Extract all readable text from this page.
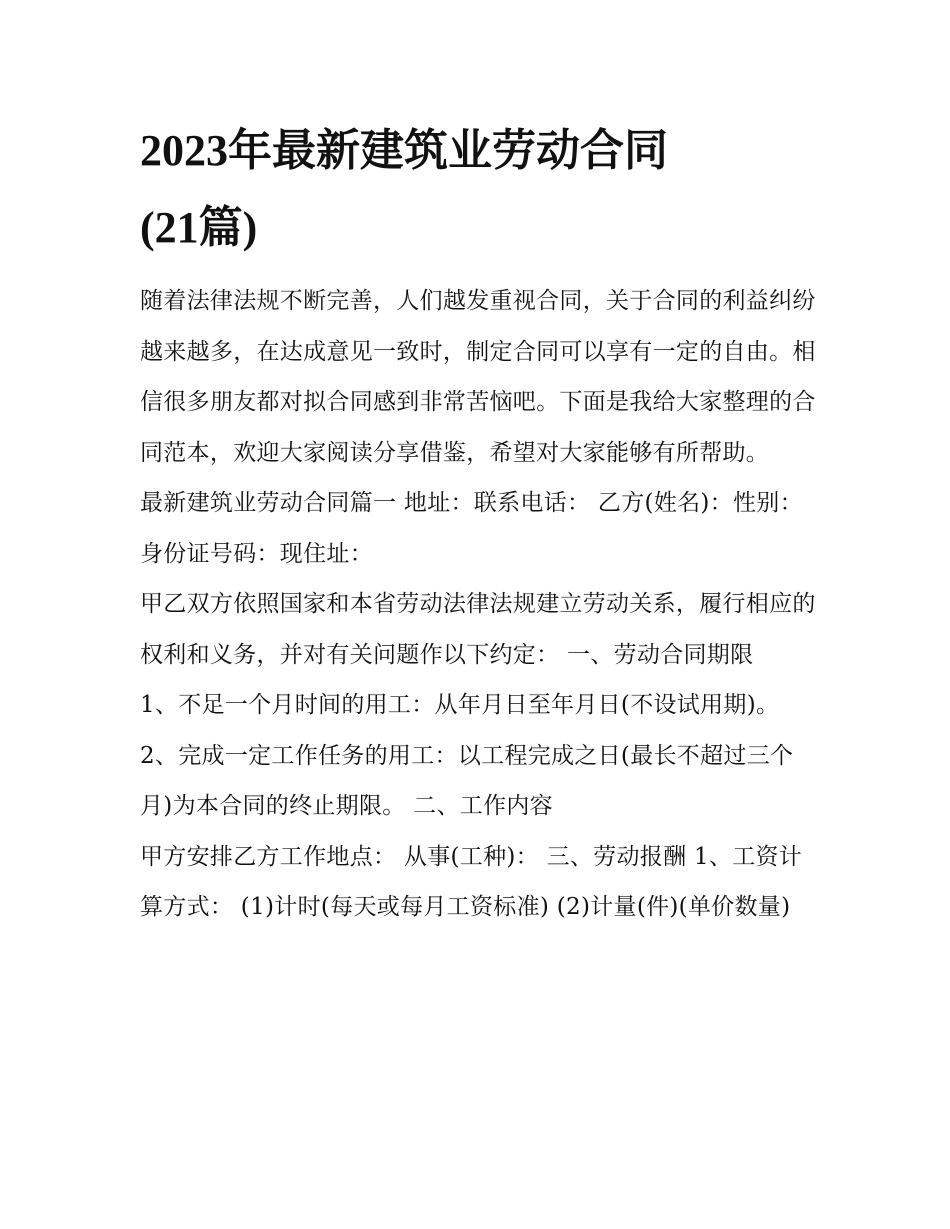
2023年最新建筑业劳动合同
(21篇)

随着法律法规不断完善，人们越发重视合同，关于合同的利益纠纷越来越多，在达成意见一致时，制定合同可以享有一定的自由。相信很多朋友都对拟合同感到非常苦恼吧。下面是我给大家整理的合同范本，欢迎大家阅读分享借鉴，希望对大家能够有所帮助。

最新建筑业劳动合同篇一 地址：联系电话： 乙方(姓名)：性别： 身份证号码：现住址：

甲乙双方依照国家和本省劳动法律法规建立劳动关系，履行相应的权利和义务，并对有关问题作以下约定： 一、劳动合同期限

1、不足一个月时间的用工：从年月日至年月日(不设试用期)。 2、完成一定工作任务的用工：以工程完成之日(最长不超过三个月)为本合同的终止期限。 二、工作内容

甲方安排乙方工作地点： 从事(工种)： 三、劳动报酬 1、工资计算方式： (1)计时(每天或每月工资标准) (2)计量(件)(单价数量)
